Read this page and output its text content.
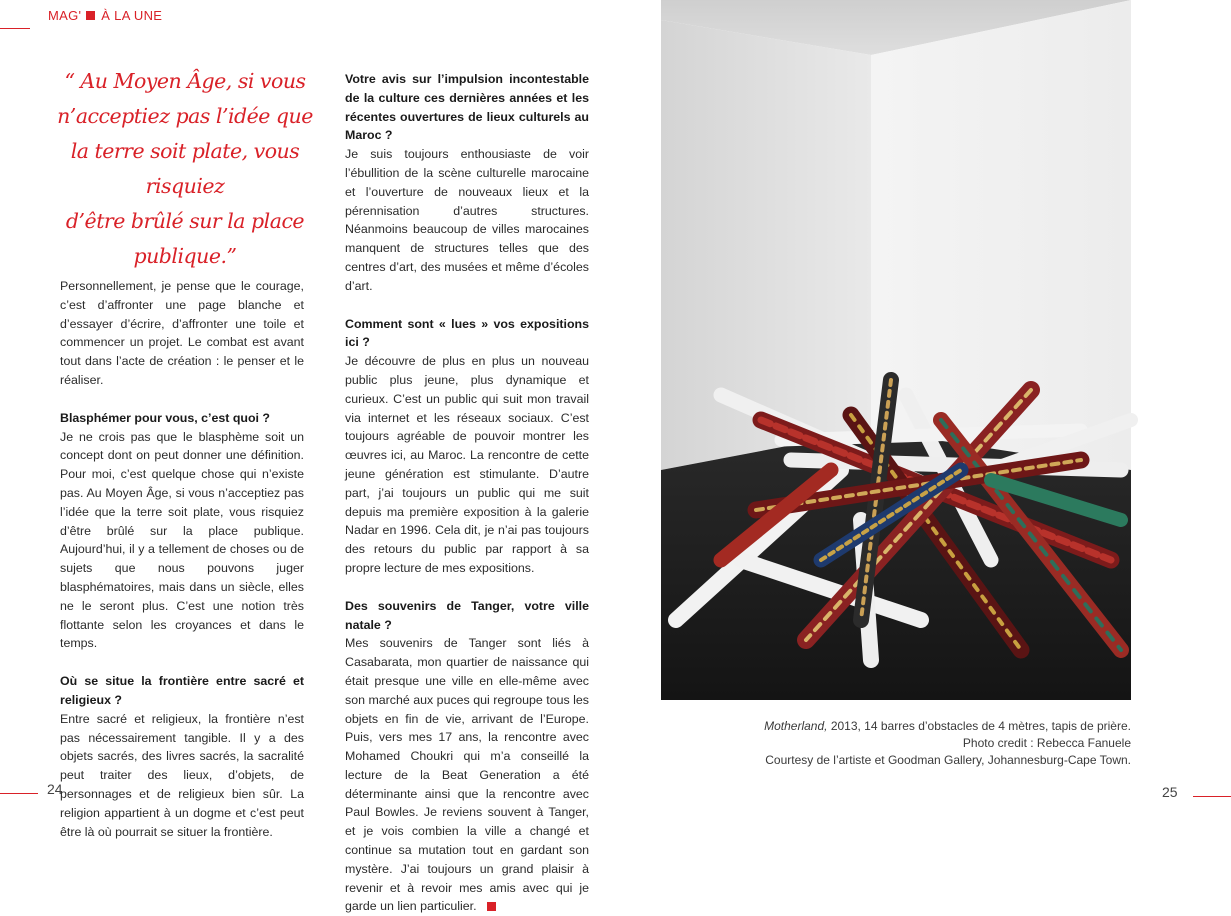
MAG' À LA UNE
“ Au Moyen Âge, si vous
n’acceptiez pas l’idée que
la terre soit plate, vous risquiez
d’être brûlé sur la place
publique.”

Personnellement, je pense que le courage, c’est d’affronter une page blanche et d’essayer d’écrire, d’affronter une toile et commencer un projet. Le combat est avant tout dans l’acte de création : le penser et le réaliser.

Blasphémer pour vous, c’est quoi ?

Je ne crois pas que le blasphème soit un concept dont on peut donner une définition. Pour moi, c’est quelque chose qui n’existe pas. Au Moyen Âge, si vous n’acceptiez pas l’idée que la terre soit plate, vous risquiez d’être brûlé sur la place publique. Aujourd’hui, il y a tellement de choses ou de sujets que nous pouvons juger blasphématoires, mais dans un siècle, elles ne le seront plus. C’est une notion très flottante selon les croyances et dans le temps.

Où se situe la frontière entre sacré et religieux ?

Entre sacré et religieux, la frontière n’est pas nécessairement tangible. Il y a des objets sacrés, des livres sacrés, la sacralité peut traiter des lieux, d’objets, de personnages et de religieux bien sûr. La religion appartient à un dogme et c’est peut être là où pourrait se situer la frontière.

Votre avis sur l’impulsion incontestable de la culture ces dernières années et les récentes ouvertures de lieux culturels au Maroc ?

Je suis toujours enthousiaste de voir l’ébullition de la scène culturelle marocaine et l’ouverture de nouveaux lieux et la pérennisation d’autres structures. Néanmoins beaucoup de villes marocaines manquent de structures telles que des centres d’art, des musées et même d’écoles d’art.

Comment sont « lues » vos expositions ici ?

Je découvre de plus en plus un nouveau public plus jeune, plus dynamique et curieux. C’est un public qui suit mon travail via internet et les réseaux sociaux. C’est toujours agréable de pouvoir montrer les œuvres ici, au Maroc. La rencontre de cette jeune génération est stimulante. D’autre part, j’ai toujours un public qui me suit depuis ma première exposition à la galerie Nadar en 1996. Cela dit, je n’ai pas toujours des retours du public par rapport à sa propre lecture de mes expositions.

Des souvenirs de Tanger, votre ville natale ?

Mes souvenirs de Tanger sont liés à Casabarata, mon quartier de naissance qui était presque une ville en elle-même avec son marché aux puces qui regroupe tous les objets en fin de vie, arrivant de l’Europe. Puis, vers mes 17 ans, la rencontre avec Mohamed Choukri qui m’a conseillé la lecture de la Beat Generation a été déterminante ainsi que la rencontre avec Paul Bowles. Je reviens souvent à Tanger, et je vois combien la ville a changé et continue sa mutation tout en gardant son mystère. J’ai toujours un grand plaisir à revenir et à revoir mes amis avec qui je garde un lien particulier.

Motherland, 2013, 14 barres d’obstacles de 4 mètres, tapis de prière.
Photo credit : Rebecca Fanuele
Courtesy de l’artiste et Goodman Gallery, Johannesburg-Cape Town.
24	25
